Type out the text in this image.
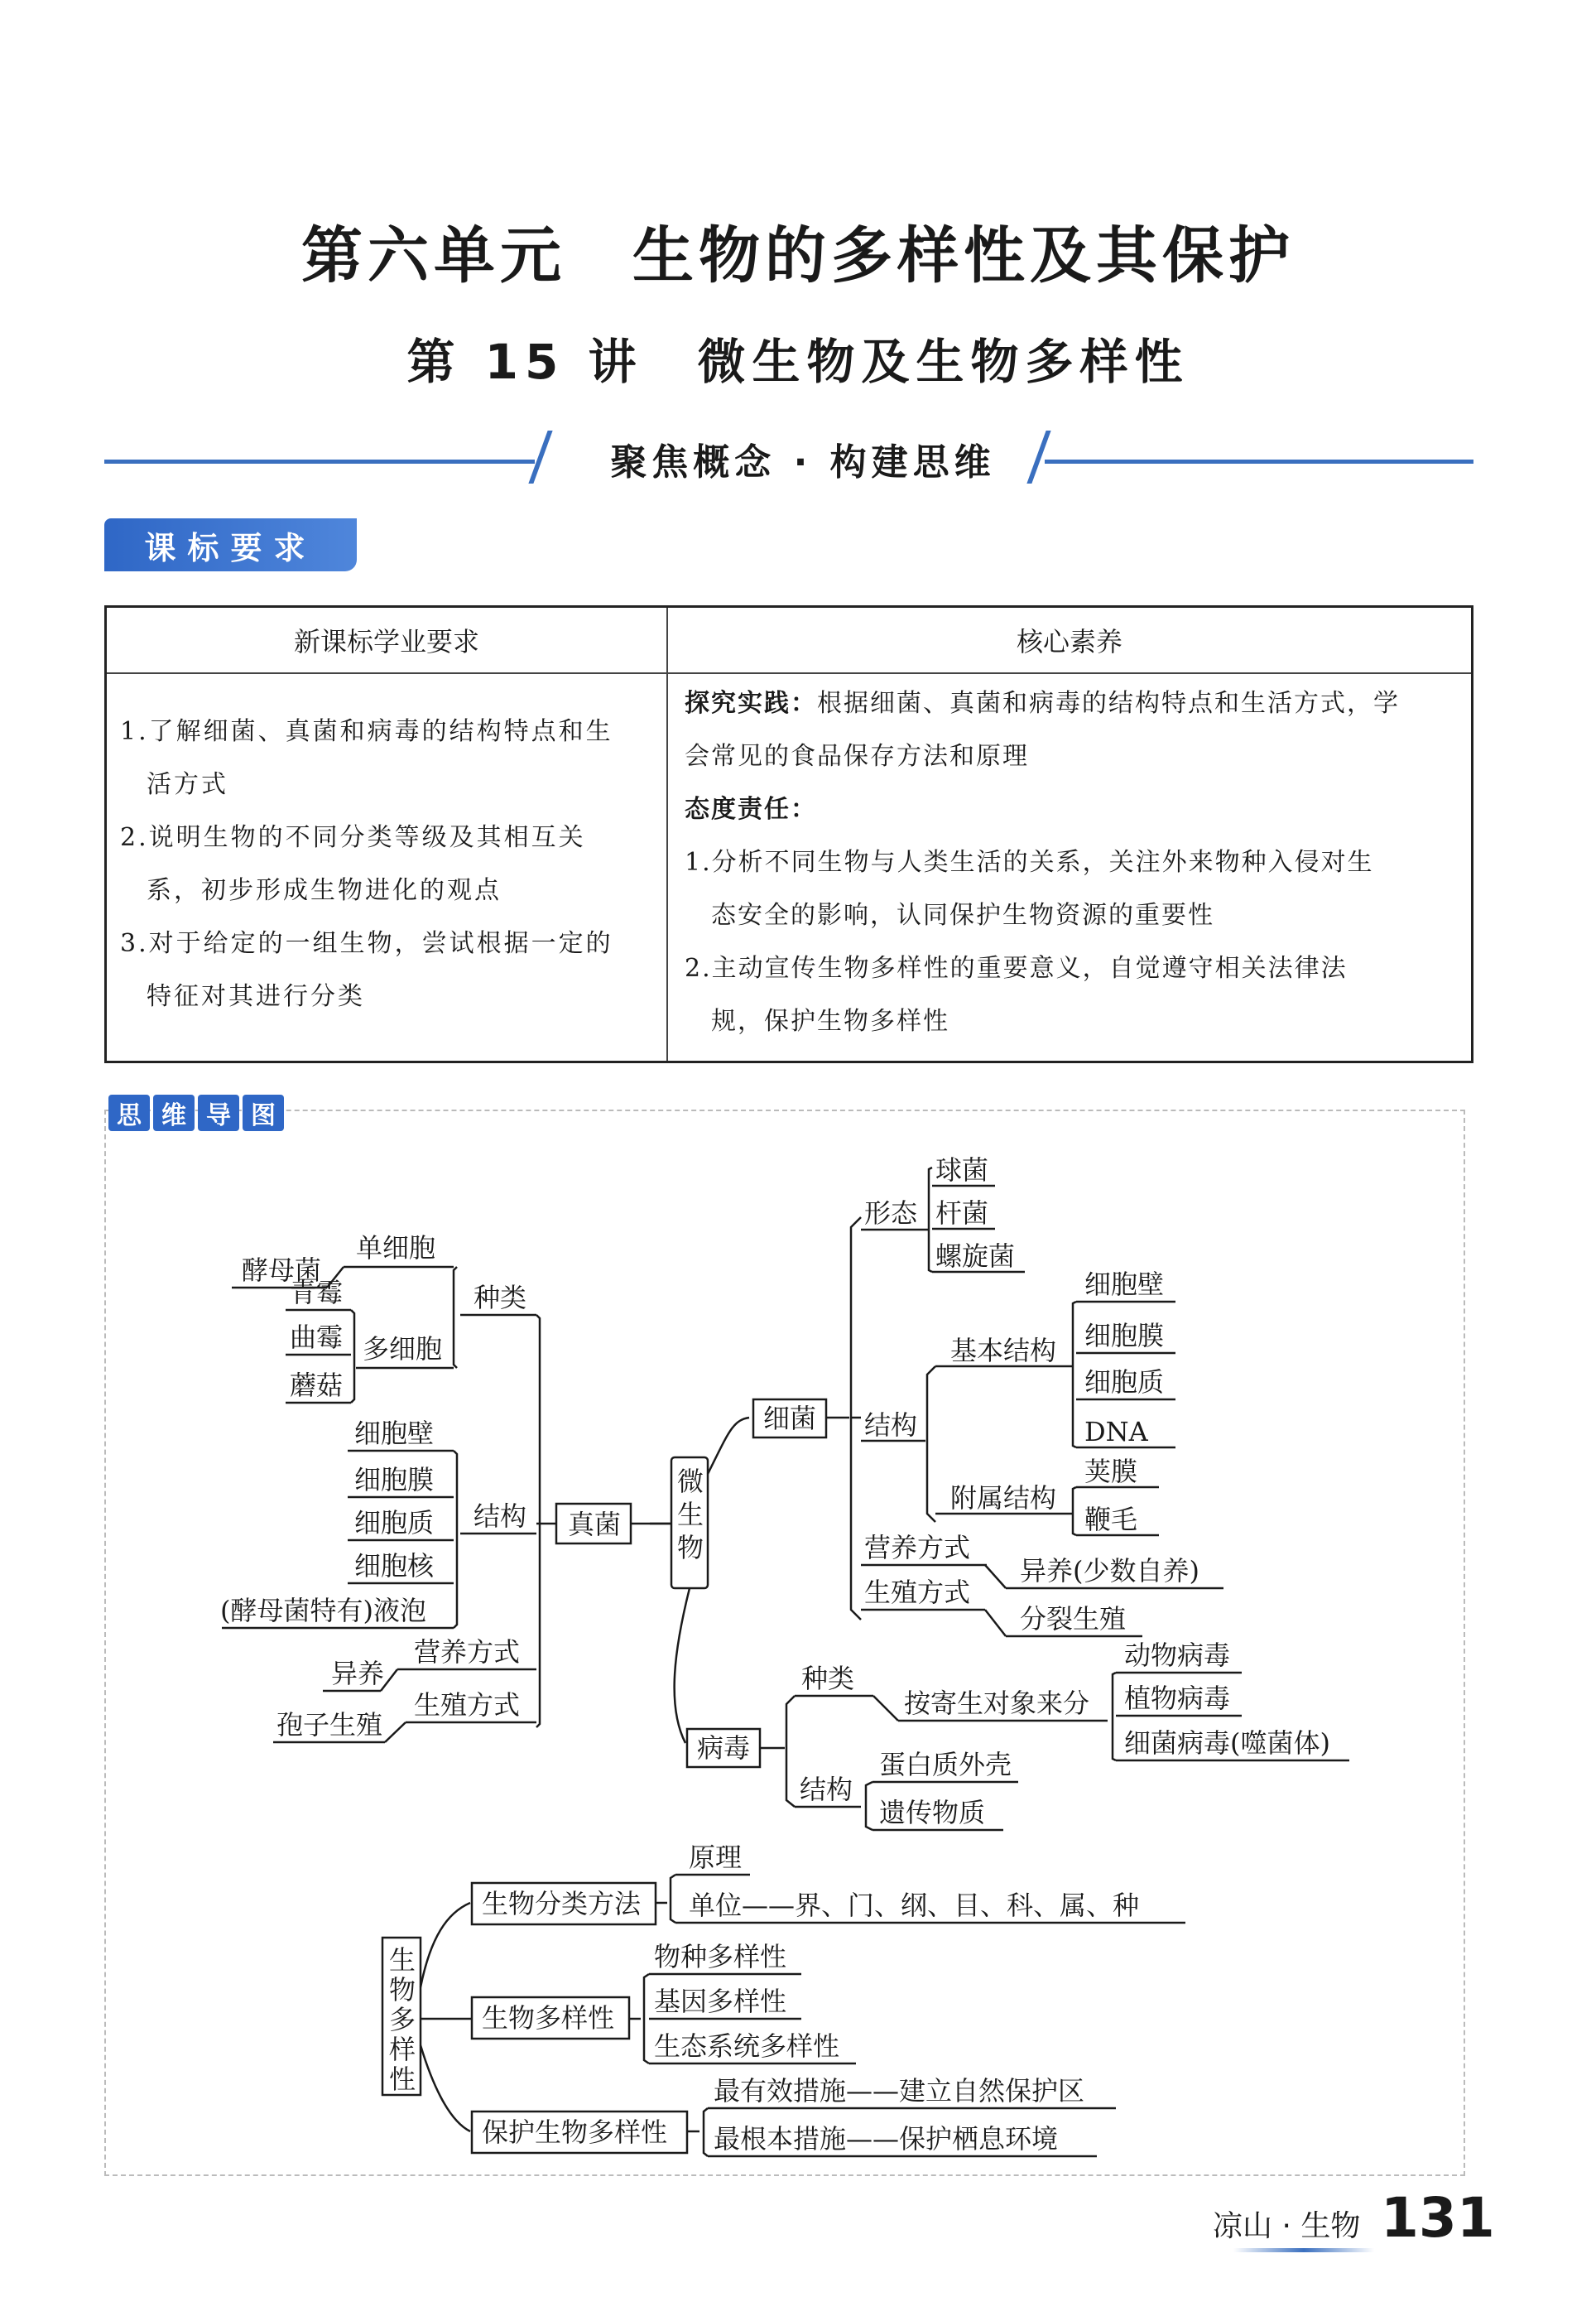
第六单元　生物的多样性及其保护
第 15 讲　微生物及生物多样性
聚焦概念 · 构建思维
课标要求
新课标学业要求	核心素养
1.了解细菌、真菌和病毒的结构特点和生
活方式
2.说明生物的不同分类等级及其相互关
系，初步形成生物进化的观点
3.对于给定的一组生物，尝试根据一定的
特征对其进行分类
探究实践：根据细菌、真菌和病毒的结构特点和生活方式，学
会常见的食品保存方法和原理
态度责任：
1.分析不同生物与人类生活的关系，关注外来物种入侵对生
态安全的影响，认同保护生物资源的重要性
2.主动宣传生物多样性的重要意义，自觉遵守相关法律法
规，保护生物多样性
思 维 导 图
微
生
物
细菌
形态
球菌
杆菌
螺旋菌
结构
基本结构
细胞壁
细胞膜
细胞质
DNA
附属结构
荚膜
鞭毛
营养方式
异养(少数自养)
生殖方式
分裂生殖
病毒
种类
按寄生对象来分
动物病毒
植物病毒
细菌病毒(噬菌体)
结构
蛋白质外壳
遗传物质
真菌
种类
单细胞
酵母菌
多细胞
青霉
曲霉
蘑菇
结构
细胞壁
细胞膜
细胞质
细胞核
(酵母菌特有)液泡
营养方式
异养
生殖方式
孢子生殖
生
物
多
样
性
生物分类方法
原理
单位——界、门、纲、目、科、属、种
生物多样性
物种多样性
基因多样性
生态系统多样性
保护生物多样性
最有效措施——建立自然保护区
最根本措施——保护栖息环境
凉山 · 生物 131
